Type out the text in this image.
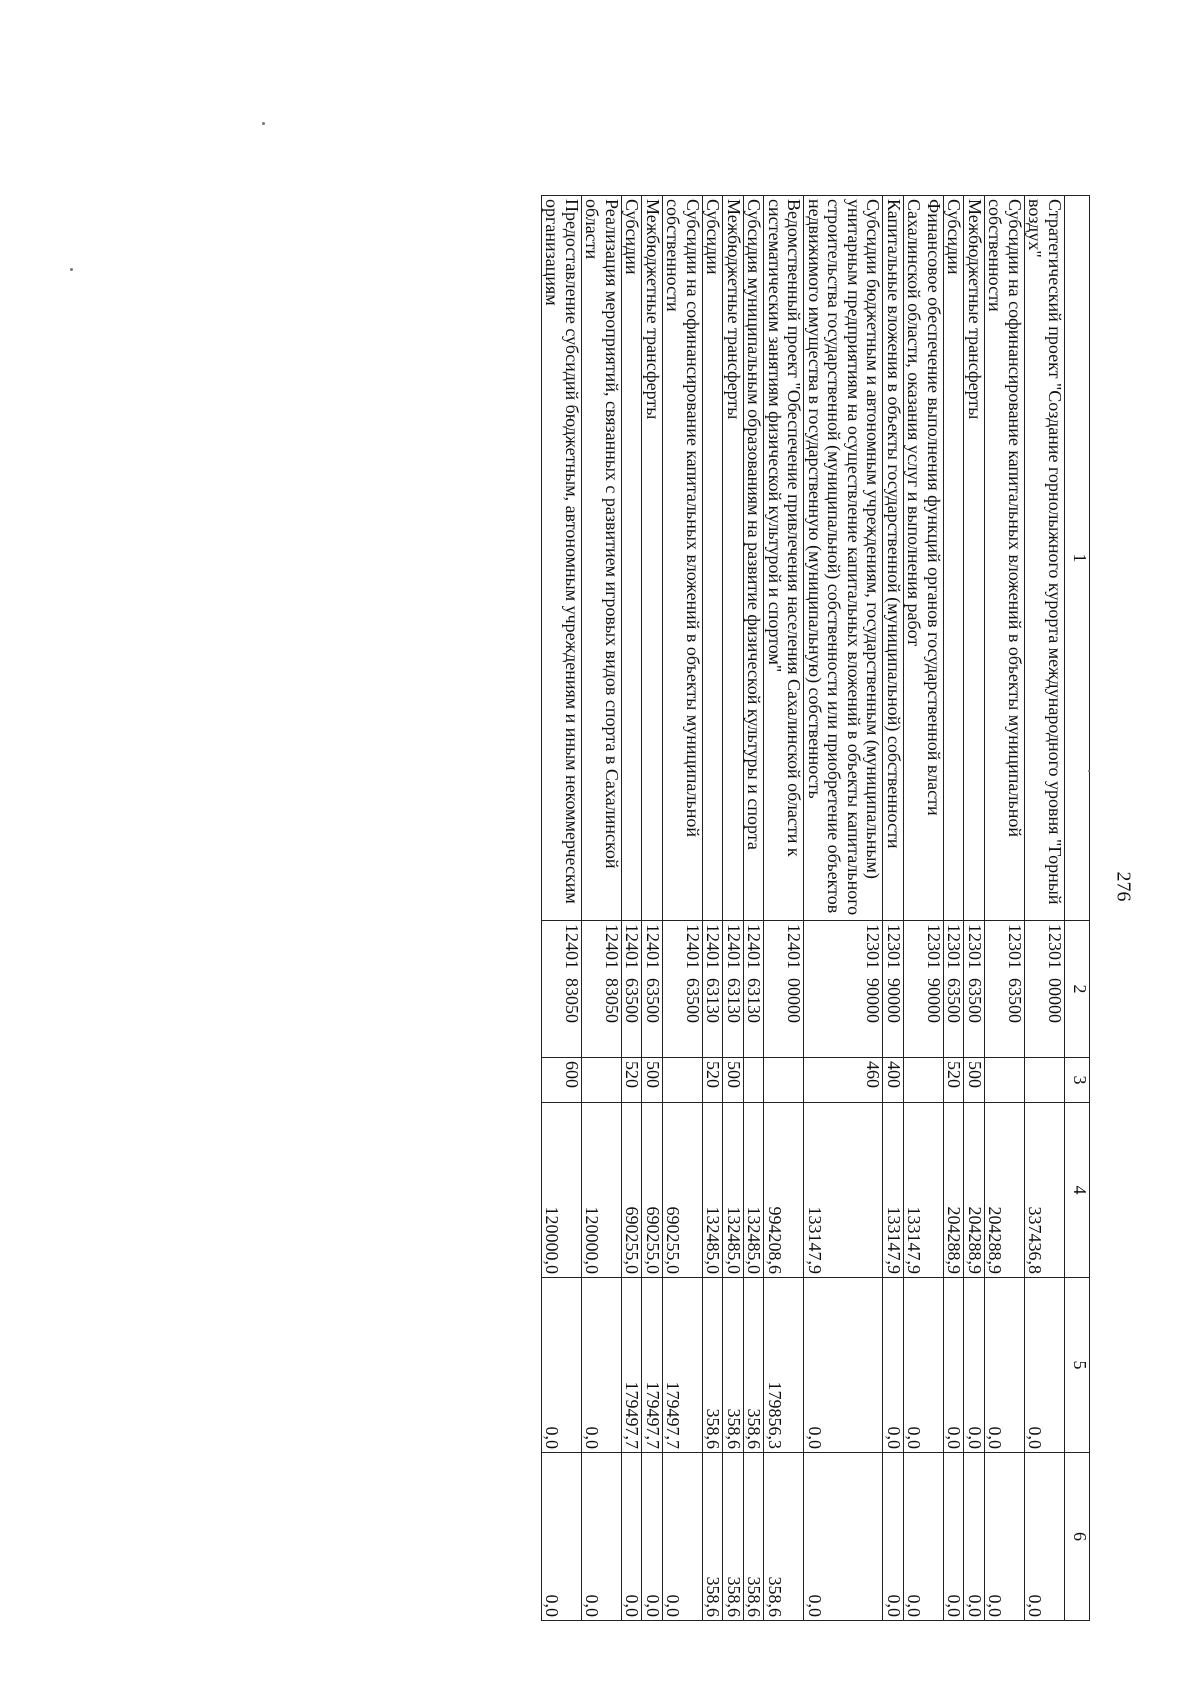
276
1	2	3	4	5	6
Стратегический проект "Создание горнолыжного курорта международного уровня "Горный воздух"	12301  00000		337436,8	0,0	0,0
Субсидии на софинансирование капитальных вложений в объекты муниципальной собственности	12301  63500		204288,9	0,0	0,0
Межбюджетные трансферты	12301  63500	500	204288,9	0,0	0,0
Субсидии	12301  63500	520	204288,9	0,0	0,0
Финансовое обеспечение выполнения функций органов государственной власти Сахалинской области, оказания услуг и выполнения работ	12301  90000		133147,9	0,0	0,0
Капитальные вложения в объекты государственной (муниципальной) собственности	12301  90000	400	133147,9	0,0	0,0
Субсидии бюджетным и автономным учреждениям, государственным (муниципальным) унитарным предприятиям на осуществление капитальных вложений в объекты капитального строительства государственной (муниципальной) собственности или приобретение объектов недвижимого имущества в государственную (муниципальную) собственность	12301  90000	460	133147,9	0,0	0,0
Ведомственный проект "Обеспечение привлечения населения Сахалинской области к систематическим занятиям физической культурой и спортом"	12401  00000		994208,6	179856,3	358,6
Субсидия муниципальным образованиям на развитие физической культуры и спорта	12401  63130		132485,0	358,6	358,6
Межбюджетные трансферты	12401  63130	500	132485,0	358,6	358,6
Субсидии	12401  63130	520	132485,0	358,6	358,6
Субсидии на софинансирование капитальных вложений в объекты муниципальной собственности	12401  63500		690255,0	179497,7	0,0
Межбюджетные трансферты	12401  63500	500	690255,0	179497,7	0,0
Субсидии	12401  63500	520	690255,0	179497,7	0,0
Реализация мероприятий, связанных с развитием игровых видов спорта в Сахалинской области	12401  83050		120000,0	0,0	0,0
Предоставление субсидий бюджетным, автономным учреждениям и иным некоммерческим организациям	12401  83050	600	120000,0	0,0	0,0
